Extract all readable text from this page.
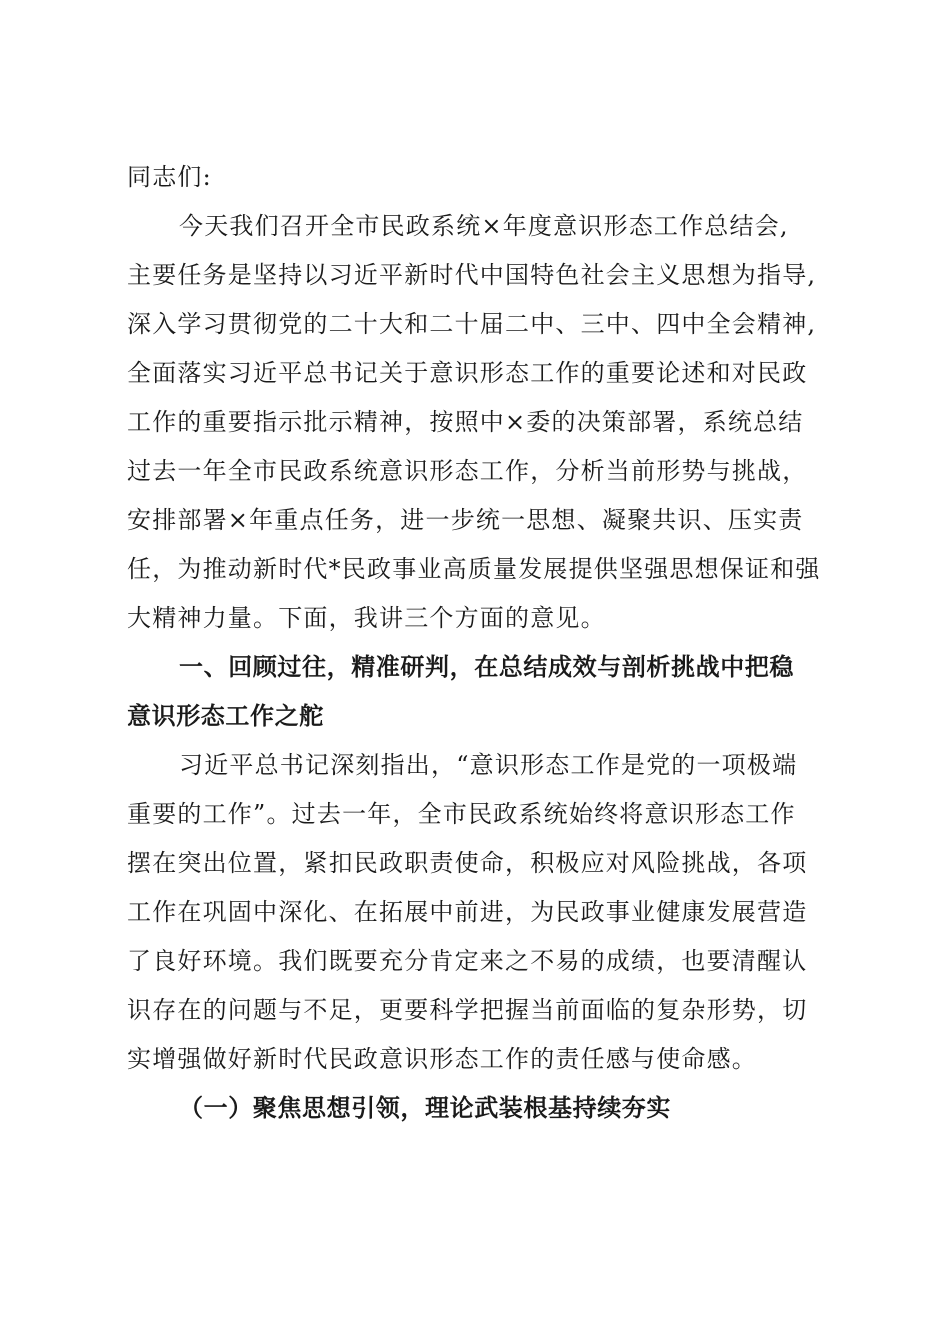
同志们:
今天我们召开全市民政系统×年度意识形态工作总结会,
主要任务是坚持以习近平新时代中国特色社会主义思想为指导,
深入学习贯彻党的二十大和二十届二中、三中、四中全会精神,
全面落实习近平总书记关于意识形态工作的重要论述和对民政
工作的重要指示批示精神，按照中×委的决策部署，系统总结
过去一年全市民政系统意识形态工作，分析当前形势与挑战，
安排部署×年重点任务，进一步统一思想、凝聚共识、压实责
任，为推动新时代*民政事业高质量发展提供坚强思想保证和强
大精神力量。下面，我讲三个方面的意见。
一、回顾过往，精准研判，在总结成效与剖析挑战中把稳
意识形态工作之舵
习近平总书记深刻指出，“意识形态工作是党的一项极端
重要的工作”。过去一年，全市民政系统始终将意识形态工作
摆在突出位置，紧扣民政职责使命，积极应对风险挑战，各项
工作在巩固中深化、在拓展中前进，为民政事业健康发展营造
了良好环境。我们既要充分肯定来之不易的成绩，也要清醒认
识存在的问题与不足，更要科学把握当前面临的复杂形势，切
实增强做好新时代民政意识形态工作的责任感与使命感。
（一）聚焦思想引领，理论武装根基持续夯实
